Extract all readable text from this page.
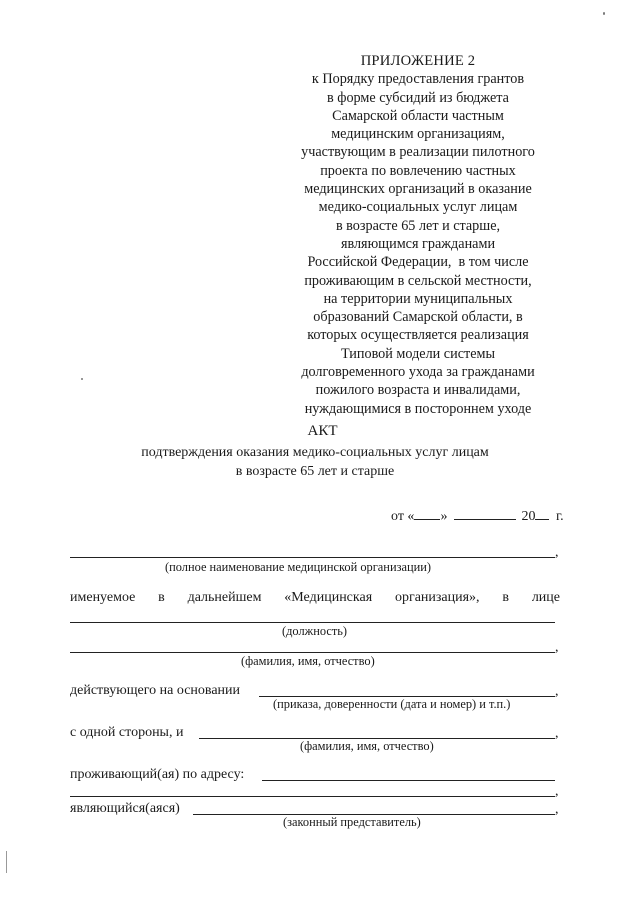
ПРИЛОЖЕНИЕ 2
к Порядку предоставления грантов
в форме субсидий из бюджета
Самарской области частным
медицинским организациям,
участвующим в реализации пилотного
проекта по вовлечению частных
медицинских организаций в оказание
медико-социальных услуг лицам
в возрасте 65 лет и старше,
являющимся гражданами
Российской Федерации,  в том числе
проживающим в сельской местности,
на территории муниципальных
образований Самарской области, в
которых осуществляется реализация
Типовой модели системы
долговременного ухода за гражданами
пожилого возраста и инвалидами,
нуждающимися в постороннем уходе
АКТ
подтверждения оказания медико-социальных услуг лицам
в возрасте 65 лет и старше
от « »	20 г.
,
(полное наименование медицинской организации)
именуемое в дальнейшем «Медицинская организация», в лице
(должность)
,
(фамилия, имя, отчество)
действующего на основании	,
(приказа, доверенности (дата и номер) и т.п.)
с одной стороны, и	,
(фамилия, имя, отчество)
проживающий(ая) по адресу:
,
являющийся(аяся)	,
(законный представитель)
